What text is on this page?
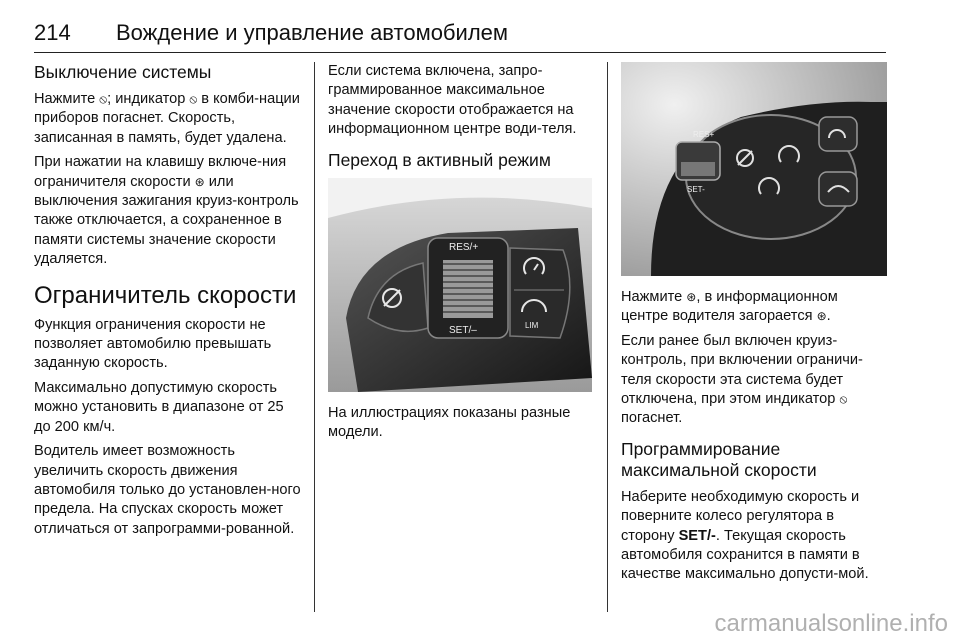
214 Вождение и управление автомобилем
Выключение системы

Нажмите ⦸; индикатор ⦸ в комби-нации приборов погаснет. Скорость, записанная в память, будет удалена.

При нажатии на клавишу включе-ния ограничителя скорости ⊛ или выключения зажигания круиз-контроль также отключается, а сохраненное в памяти системы значение скорости удаляется.

Ограничитель скорости

Функция ограничения скорости не позволяет автомобилю превышать заданную скорость.

Максимально допустимую скорость можно установить в диапазоне от 25 до 200 км/ч.

Водитель имеет возможность увеличить скорость движения автомобиля только до установлен-ного предела. На спусках скорость может отличаться от запрограмми-рованной.

Если система включена, запро-граммированное максимальное значение скорости отображается на информационном центре води-теля.

Переход в активный режим
RES/+
SET/–	LIM

На иллюстрациях показаны разные модели.

RES+
SET-

Нажмите ⊛, в информационном центре водителя загорается ⊛.

Если ранее был включен круиз-контроль, при включении ограничи-теля скорости эта система будет отключена, при этом индикатор ⦸ погаснет.

Программирование максимальной скорости

Наберите необходимую скорость и поверните колесо регулятора в сторону SET/-. Текущая скорость автомобиля сохранится в памяти в качестве максимально допусти-мой.

carmanualsonline.info
